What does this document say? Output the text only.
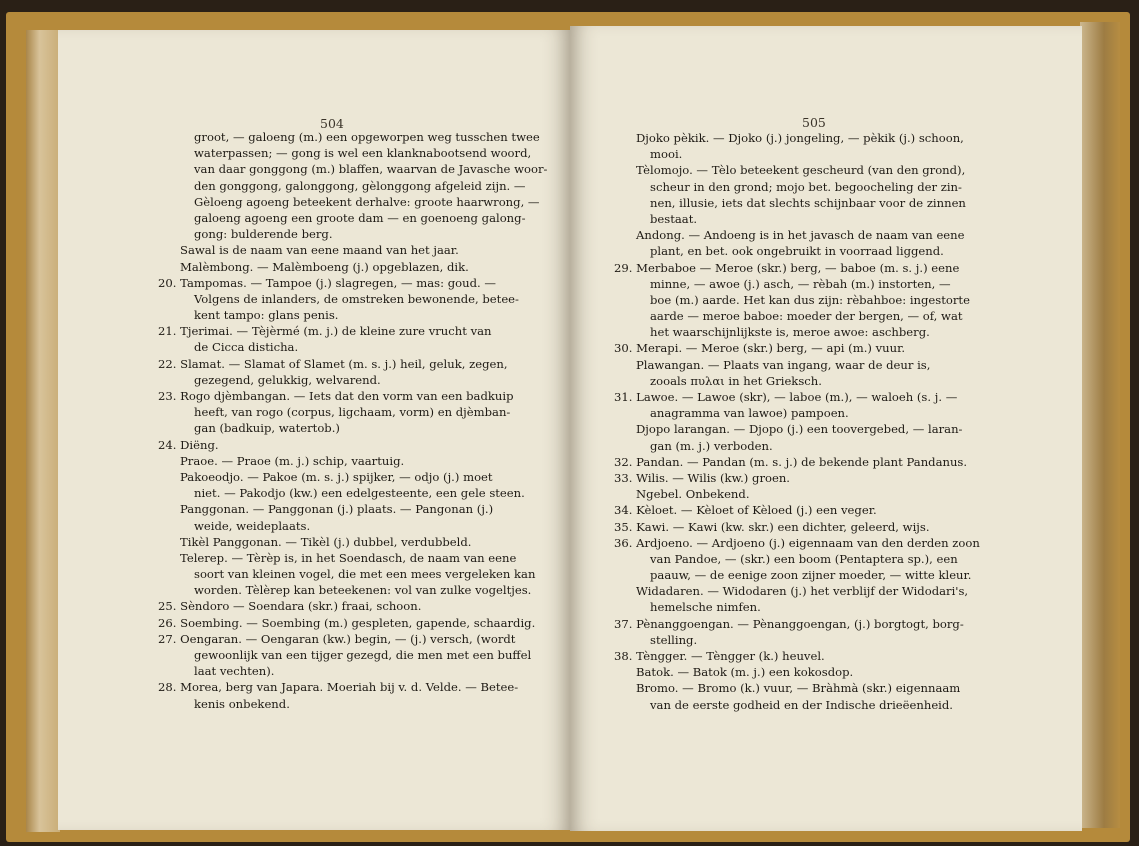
504
groot, — galoeng (m.) een opgeworpen weg tusschen twee
waterpassen; — gong is wel een klanknabootsend woord,
van daar gonggong (m.) blaffen, waarvan de Javasche woor-
den gonggong, galonggong, gèlonggong afgeleid zijn. —
Gèloeng agoeng beteekent derhalve: groote haarwrong, —
galoeng agoeng een groote dam — en goenoeng galong-
gong: bulderende berg.
Sawal is de naam van eene maand van het jaar.
Malèmbong. — Malèmboeng (j.) opgeblazen, dik.
20. Tampomas. — Tampoe (j.) slagregen, — mas: goud. —
Volgens de inlanders, de omstreken bewonende, betee-
kent tampo: glans penis.
21. Tjerimai. — Tèjèrmé (m. j.) de kleine zure vrucht van
de Cicca disticha.
22. Slamat. — Slamat of Slamet (m. s. j.) heil, geluk, zegen,
gezegend, gelukkig, welvarend.
23. Rogo djèmbangan. — Iets dat den vorm van een badkuip
heeft, van rogo (corpus, ligchaam, vorm) en djèmban-
gan (badkuip, watertob.)
24. Diëng.
Praoe. — Praoe (m. j.) schip, vaartuig.
Pakoeodjo. — Pakoe (m. s. j.) spijker, — odjo (j.) moet
niet. — Pakodjo (kw.) een edelgesteente, een gele steen.
Panggonan. — Panggonan (j.) plaats. — Pangonan (j.)
weide, weideplaats.
Tikèl Panggonan. — Tikèl (j.) dubbel, verdubbeld.
Telerep. — Tèrèp is, in het Soendasch, de naam van eene
soort van kleinen vogel, die met een mees vergeleken kan
worden. Tèlèrep kan beteekenen: vol van zulke vogeltjes.
25. Sèndoro — Soendara (skr.) fraai, schoon.
26. Soembing. — Soembing (m.) gespleten, gapende, schaardig.
27. Oengaran. — Oengaran (kw.) begin, — (j.) versch, (wordt
gewoonlijk van een tijger gezegd, die men met een buffel
laat vechten).
28. Morea, berg van Japara. Moeriah bij v. d. Velde. — Betee-
kenis onbekend.
505
Djoko pèkik. — Djoko (j.) jongeling, — pèkik (j.) schoon,
mooi.
Tèlomojo. — Tèlo beteekent gescheurd (van den grond),
scheur in den grond; mojo bet. begoocheling der zin-
nen, illusie, iets dat slechts schijnbaar voor de zinnen
bestaat.
Andong. — Andoeng is in het javasch de naam van eene
plant, en bet. ook ongebruikt in voorraad liggend.
29. Merbaboe — Meroe (skr.) berg, — baboe (m. s. j.) eene
minne, — awoe (j.) asch, — rèbah (m.) instorten, —
boe (m.) aarde. Het kan dus zijn: rèbahboe: ingestorte
aarde — meroe baboe: moeder der bergen, — of, wat
het waarschijnlijkste is, meroe awoe: aschberg.
30. Merapi. — Meroe (skr.) berg, — api (m.) vuur.
Plawangan. — Plaats van ingang, waar de deur is,
zooals πυλαι in het Grieksch.
31. Lawoe. — Lawoe (skr), — laboe (m.), — waloeh (s. j. —
anagramma van lawoe) pampoen.
Djopo larangan. — Djopo (j.) een toovergebed, — laran-
gan (m. j.) verboden.
32. Pandan. — Pandan (m. s. j.) de bekende plant Pandanus.
33. Wilis. — Wilis (kw.) groen.
Ngebel. Onbekend.
34. Kèloet. — Kèloet of Kèloed (j.) een veger.
35. Kawi. — Kawi (kw. skr.) een dichter, geleerd, wijs.
36. Ardjoeno. — Ardjoeno (j.) eigennaam van den derden zoon
van Pandoe, — (skr.) een boom (Pentaptera sp.), een
paauw, — de eenige zoon zijner moeder, — witte kleur.
Widadaren. — Widodaren (j.) het verblijf der Widodari's,
hemelsche nimfen.
37. Pènanggoengan. — Pènanggoengan, (j.) borgtogt, borg-
stelling.
38. Tèngger. — Tèngger (k.) heuvel.
Batok. — Batok (m. j.) een kokosdop.
Bromo. — Bromo (k.) vuur, — Bràhmà (skr.) eigennaam
van de eerste godheid en der Indische drieëenheid.
